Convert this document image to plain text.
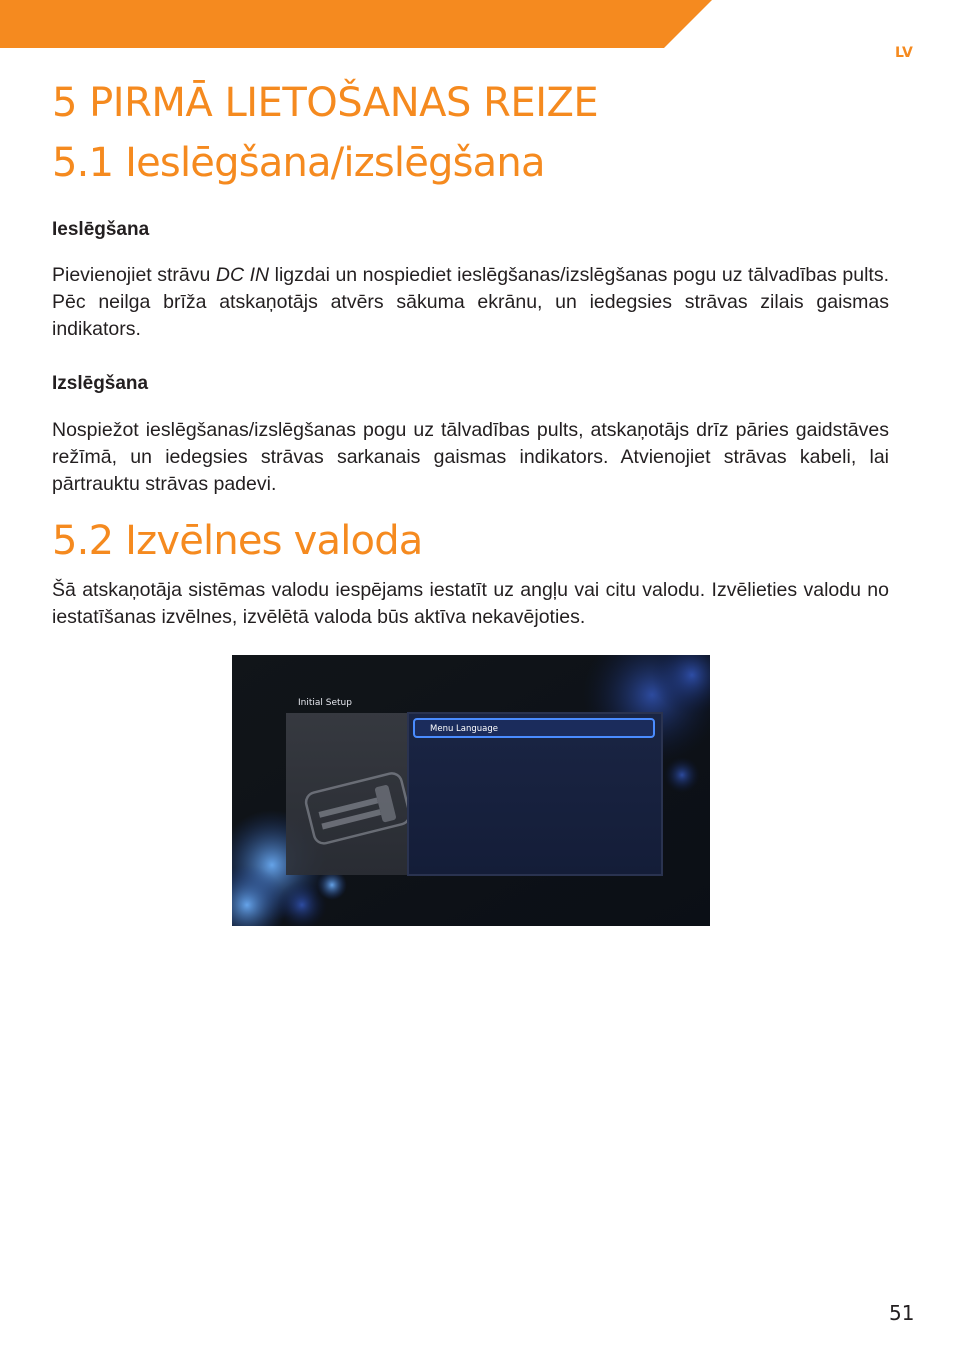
LV
5 PIRMĀ LIETOŠANAS REIZE
5.1 Ieslēgšana/izslēgšana
Ieslēgšana

Pievienojiet strāvu DC IN ligzdai un nospiediet ieslēgšanas/izslēgšanas pogu uz tālvadības pults. Pēc neilga brīža atskaņotājs atvērs sākuma ekrānu, un iedegsies strāvas zilais gaismas indikators.

Izslēgšana

Nospiežot ieslēgšanas/izslēgšanas pogu uz tālvadības pults, atskaņotājs drīz pāries gaidstāves režīmā, un iedegsies strāvas sarkanais gaismas indikators. Atvienojiet strāvas kabeli, lai pārtrauktu strāvas padevi.

5.2 Izvēlnes valoda

Šā atskaņotāja sistēmas valodu iespējams iestatīt uz angļu vai citu valodu. Izvēlieties valodu no iestatīšanas izvēlnes, izvēlētā valoda būs aktīva nekavējoties.

Initial Setup
Menu Language
51
